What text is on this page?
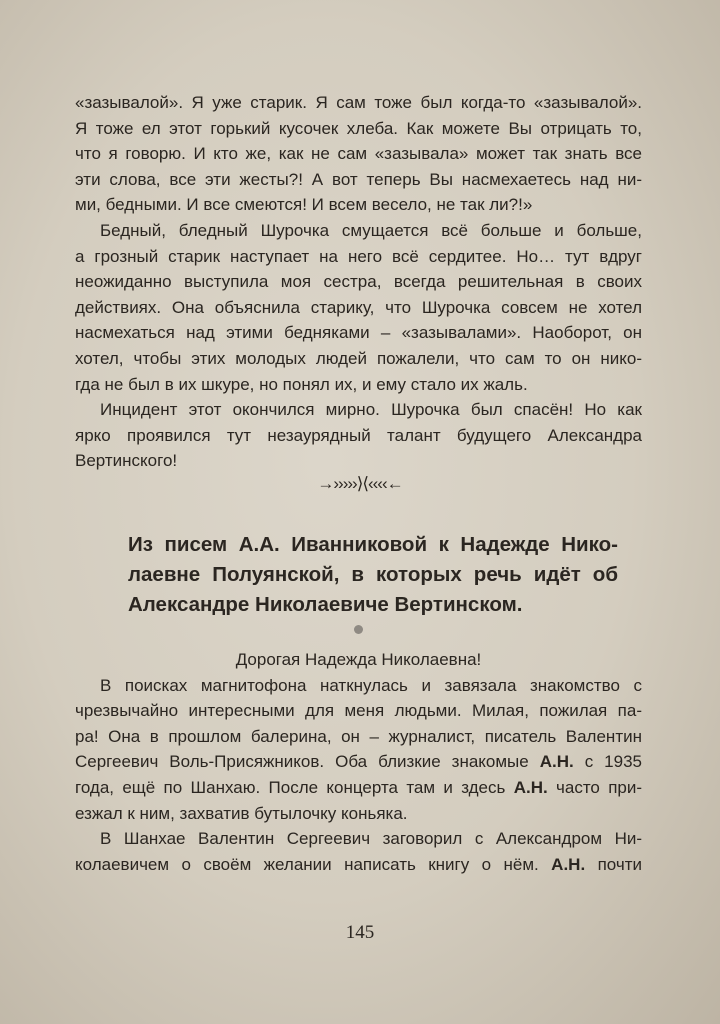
«зазывалой». Я уже старик. Я сам тоже был когда-то «зазывалой».
Я тоже ел этот горький кусочек хлеба. Как можете Вы отрицать то,
что я говорю. И кто же, как не сам «зазывала» может так знать все
эти слова, все эти жесты?! А вот теперь Вы насмехаетесь над ни-
ми, бедными. И все смеются! И всем весело, не так ли?!»
Бедный, бледный Шурочка смущается всё больше и больше,
а грозный старик наступает на него всё сердитее. Но… тут вдруг
неожиданно выступила моя сестра, всегда решительная в своих
действиях. Она объяснила старику, что Шурочка совсем не хотел
насмехаться над этими бедняками – «зазывалами». Наоборот, он
хотел, чтобы этих молодых людей пожалели, что сам то он нико-
гда не был в их шкуре, но понял их, и ему стало их жаль.
Инцидент этот окончился мирно. Шурочка был спасён! Но как
ярко проявился тут незаурядный талант будущего Александра
Вертинского!
→›››››⟩⟨‹‹‹‹←
Из писем А.А. Иванниковой к Надежде Нико-
лаевне Полуянской, в которых речь идёт об
Александре Николаевиче Вертинском.
Дорогая Надежда Николаевна!
В поисках магнитофона наткнулась и завязала знакомство с
чрезвычайно интересными для меня людьми. Милая, пожилая па-
ра! Она в прошлом балерина, он – журналист, писатель Валентин
Сергеевич Воль-Присяжников. Оба близкие знакомые А.Н. с 1935
года, ещё по Шанхаю. После концерта там и здесь А.Н. часто при-
езжал к ним, захватив бутылочку коньяка.
В Шанхае Валентин Сергеевич заговорил с Александром Ни-
колаевичем о своём желании написать книгу о нём. А.Н. почти
145
